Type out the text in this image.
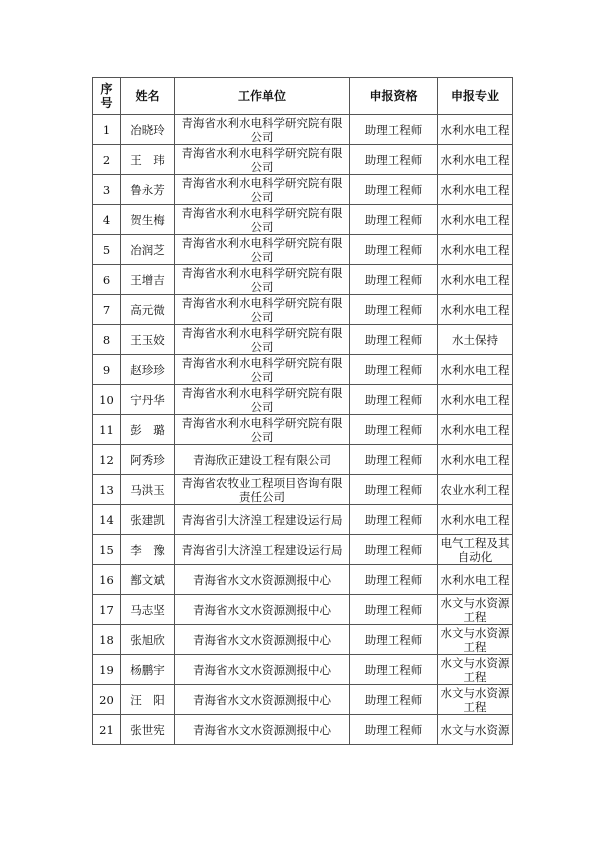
序号	姓名	工作单位	申报资格	申报专业
1	冶晓玲	青海省水利水电科学研究院有限公司	助理工程师	水利水电工程
2	王　玮	青海省水利水电科学研究院有限公司	助理工程师	水利水电工程
3	鲁永芳	青海省水利水电科学研究院有限公司	助理工程师	水利水电工程
4	贺生梅	青海省水利水电科学研究院有限公司	助理工程师	水利水电工程
5	冶润芝	青海省水利水电科学研究院有限公司	助理工程师	水利水电工程
6	王增吉	青海省水利水电科学研究院有限公司	助理工程师	水利水电工程
7	高元微	青海省水利水电科学研究院有限公司	助理工程师	水利水电工程
8	王玉姣	青海省水利水电科学研究院有限公司	助理工程师	水土保持
9	赵珍珍	青海省水利水电科学研究院有限公司	助理工程师	水利水电工程
10	宁丹华	青海省水利水电科学研究院有限公司	助理工程师	水利水电工程
11	彭　璐	青海省水利水电科学研究院有限公司	助理工程师	水利水电工程
12	阿秀珍	青海欣正建设工程有限公司	助理工程师	水利水电工程
13	马洪玉	青海省农牧业工程项目咨询有限责任公司	助理工程师	农业水利工程
14	张建凯	青海省引大济湟工程建设运行局	助理工程师	水利水电工程
15	李　豫	青海省引大济湟工程建设运行局	助理工程师	电气工程及其自动化
16	鄯文斌	青海省水文水资源测报中心	助理工程师	水利水电工程
17	马志坚	青海省水文水资源测报中心	助理工程师	水文与水资源工程
18	张旭欣	青海省水文水资源测报中心	助理工程师	水文与水资源工程
19	杨鹏宇	青海省水文水资源测报中心	助理工程师	水文与水资源工程
20	汪　阳	青海省水文水资源测报中心	助理工程师	水文与水资源工程
21	张世宪	青海省水文水资源测报中心	助理工程师	水文与水资源
